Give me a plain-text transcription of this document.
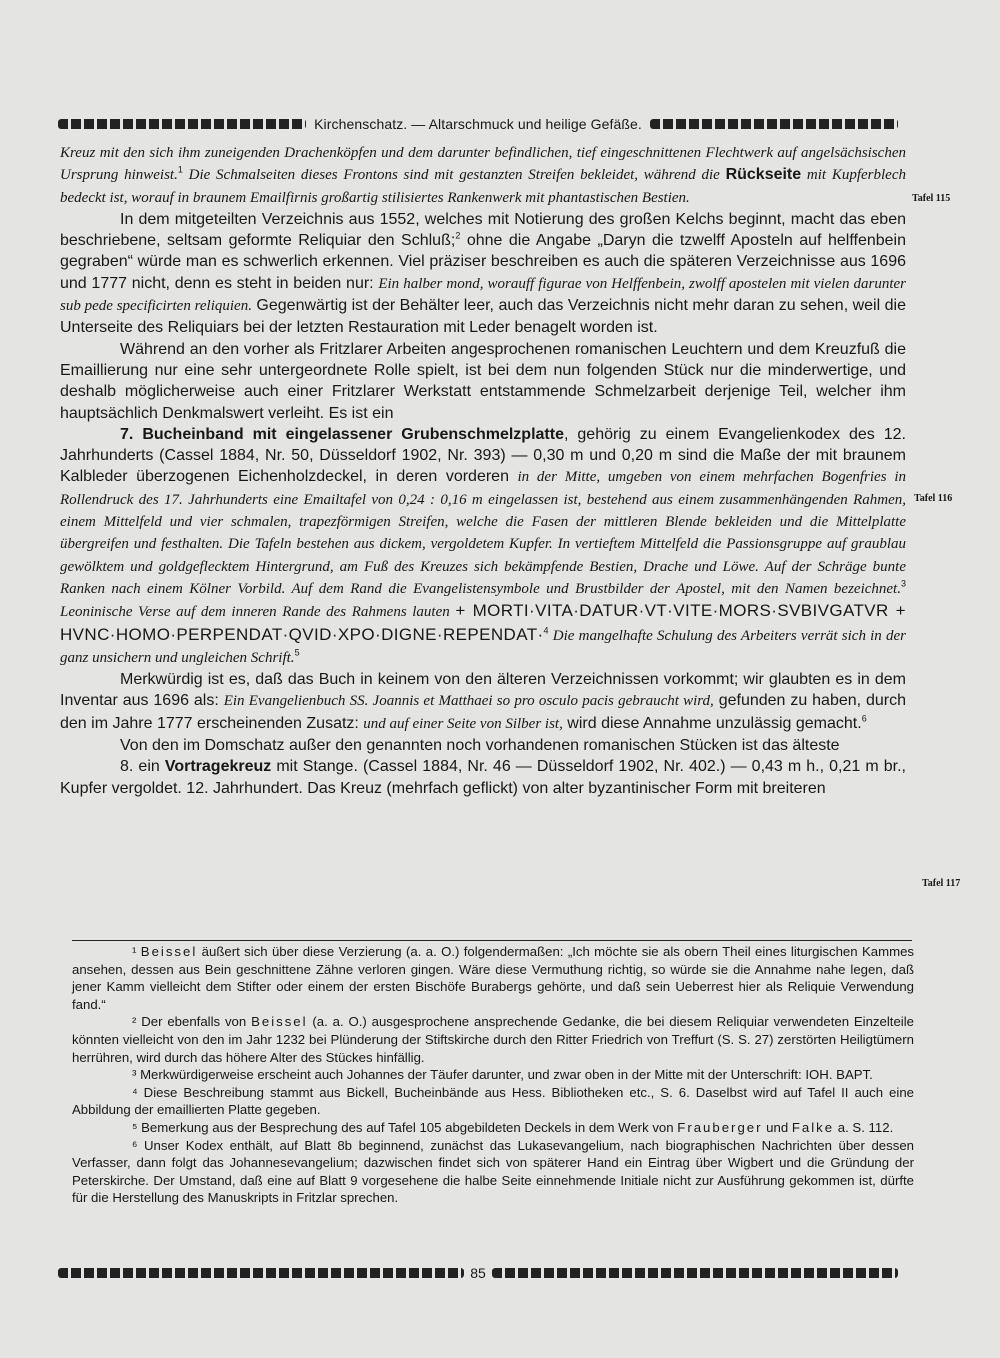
Kirchenschatz. — Altarschmuck und heilige Gefäße.

Kreuz mit den sich ihm zuneigenden Drachenköpfen und dem darunter befindlichen, tief eingeschnittenen Flechtwerk auf angelsächsischen Ursprung hinweist.$^1$ Die Schmalseiten dieses Frontons sind mit gestanzten Streifen bekleidet, während die Rückseite mit Kupferblech bedeckt ist, worauf in braunem Emailfirnis großartig stilisiertes Rankenwerk mit phantastischen Bestien.

In dem mitgeteilten Verzeichnis aus 1552, welches mit Notierung des großen Kelchs beginnt, macht das eben beschriebene, seltsam geformte Reliquiar den Schluß;$^2$ ohne die Angabe „Daryn die tzwelff Aposteln auf helffenbein gegraben“ würde man es schwerlich erkennen. Viel präziser beschreiben es auch die späteren Verzeichnisse aus 1696 und 1777 nicht, denn es steht in beiden nur: Ein halber mond, worauff figurae von Helffenbein, zwolff apostelen mit vielen darunter sub pede specificirten reliquien. Gegenwärtig ist der Behälter leer, auch das Verzeichnis nicht mehr daran zu sehen, weil die Unterseite des Reliquiars bei der letzten Restauration mit Leder benagelt worden ist.

Während an den vorher als Fritzlarer Arbeiten angesprochenen romanischen Leuchtern und dem Kreuzfuß die Emaillierung nur eine sehr untergeordnete Rolle spielt, ist bei dem nun folgenden Stück nur die minderwertige, und deshalb möglicherweise auch einer Fritzlarer Werkstatt entstammende Schmelzarbeit derjenige Teil, welcher ihm hauptsächlich Denkmalswert verleiht. Es ist ein

7. Bucheinband mit eingelassener Grubenschmelzplatte, gehörig zu einem Evangelienkodex des 12. Jahrhunderts (Cassel 1884, Nr. 50, Düsseldorf 1902, Nr. 393) — 0,30 m und 0,20 m sind die Maße der mit braunem Kalbleder überzogenen Eichenholzdeckel, in deren vorderen in der Mitte, umgeben von einem mehrfachen Bogenfries in Rollendruck des 17. Jahrhunderts eine Emailtafel von 0,24 : 0,16 m eingelassen ist, bestehend aus einem zusammenhängenden Rahmen, einem Mittelfeld und vier schmalen, trapezförmigen Streifen, welche die Fasen der mittleren Blende bekleiden und die Mittelplatte übergreifen und festhalten. Die Tafeln bestehen aus dickem, vergoldetem Kupfer. In vertieftem Mittelfeld die Passionsgruppe auf graublau gewölktem und goldgeflecktem Hintergrund, am Fuß des Kreuzes sich bekämpfende Bestien, Drache und Löwe. Auf der Schräge bunte Ranken nach einem Kölner Vorbild. Auf dem Rand die Evangelistensymbole und Brustbilder der Apostel, mit den Namen bezeichnet.$^3$ Leoninische Verse auf dem inneren Rande des Rahmens lauten + MORTI·VITA·DATUR·VT·VITE·MORS·SVBIVGATVR + HVNC·HOMO·PERPENDAT·QVID·XPO·DIGNE·REPENDAT·$^4$ Die mangelhafte Schulung des Arbeiters verrät sich in der ganz unsichern und ungleichen Schrift.$^5$

Merkwürdig ist es, daß das Buch in keinem von den älteren Verzeichnissen vorkommt; wir glaubten es in dem Inventar aus 1696 als: Ein Evangelienbuch SS. Joannis et Matthaei so pro osculo pacis gebraucht wird, gefunden zu haben, durch den im Jahre 1777 erscheinenden Zusatz: und auf einer Seite von Silber ist, wird diese Annahme unzulässig gemacht.$^6$

Von den im Domschatz außer den genannten noch vorhandenen romanischen Stücken ist das älteste

8. ein Vortragekreuz mit Stange. (Cassel 1884, Nr. 46 — Düsseldorf 1902, Nr. 402.) — 0,43 m h., 0,21 m br., Kupfer vergoldet. 12. Jahrhundert. Das Kreuz (mehrfach geflickt) von alter byzantinischer Form mit breiteren

Tafel 115
Tafel 116
Tafel 117

¹ Beissel äußert sich über diese Verzierung (a. a. O.) folgendermaßen: „Ich möchte sie als obern Theil eines liturgischen Kammes ansehen, dessen aus Bein geschnittene Zähne verloren gingen. Wäre diese Vermuthung richtig, so würde sie die Annahme nahe legen, daß jener Kamm vielleicht dem Stifter oder einem der ersten Bischöfe Burabergs gehörte, und daß sein Ueberrest hier als Reliquie Verwendung fand.“

² Der ebenfalls von Beissel (a. a. O.) ausgesprochene ansprechende Gedanke, die bei diesem Reliquiar verwendeten Einzelteile könnten vielleicht von den im Jahr 1232 bei Plünderung der Stiftskirche durch den Ritter Friedrich von Treffurt (S. S. 27) zerstörten Heiligtümern herrühren, wird durch das höhere Alter des Stückes hinfällig.

³ Merkwürdigerweise erscheint auch Johannes der Täufer darunter, und zwar oben in der Mitte mit der Unterschrift: IOH. BAPT.

⁴ Diese Beschreibung stammt aus Bickell, Bucheinbände aus Hess. Bibliotheken etc., S. 6. Daselbst wird auf Tafel II auch eine Abbildung der emaillierten Platte gegeben.

⁵ Bemerkung aus der Besprechung des auf Tafel 105 abgebildeten Deckels in dem Werk von Frauberger und Falke a. S. 112.

⁶ Unser Kodex enthält, auf Blatt 8b beginnend, zunächst das Lukasevangelium, nach biographischen Nachrichten über dessen Verfasser, dann folgt das Johannesevangelium; dazwischen findet sich von späterer Hand ein Eintrag über Wigbert und die Gründung der Peterskirche. Der Umstand, daß eine auf Blatt 9 vorgesehene die halbe Seite einnehmende Initiale nicht zur Ausführung gekommen ist, dürfte für die Herstellung des Manuskripts in Fritzlar sprechen.

85
